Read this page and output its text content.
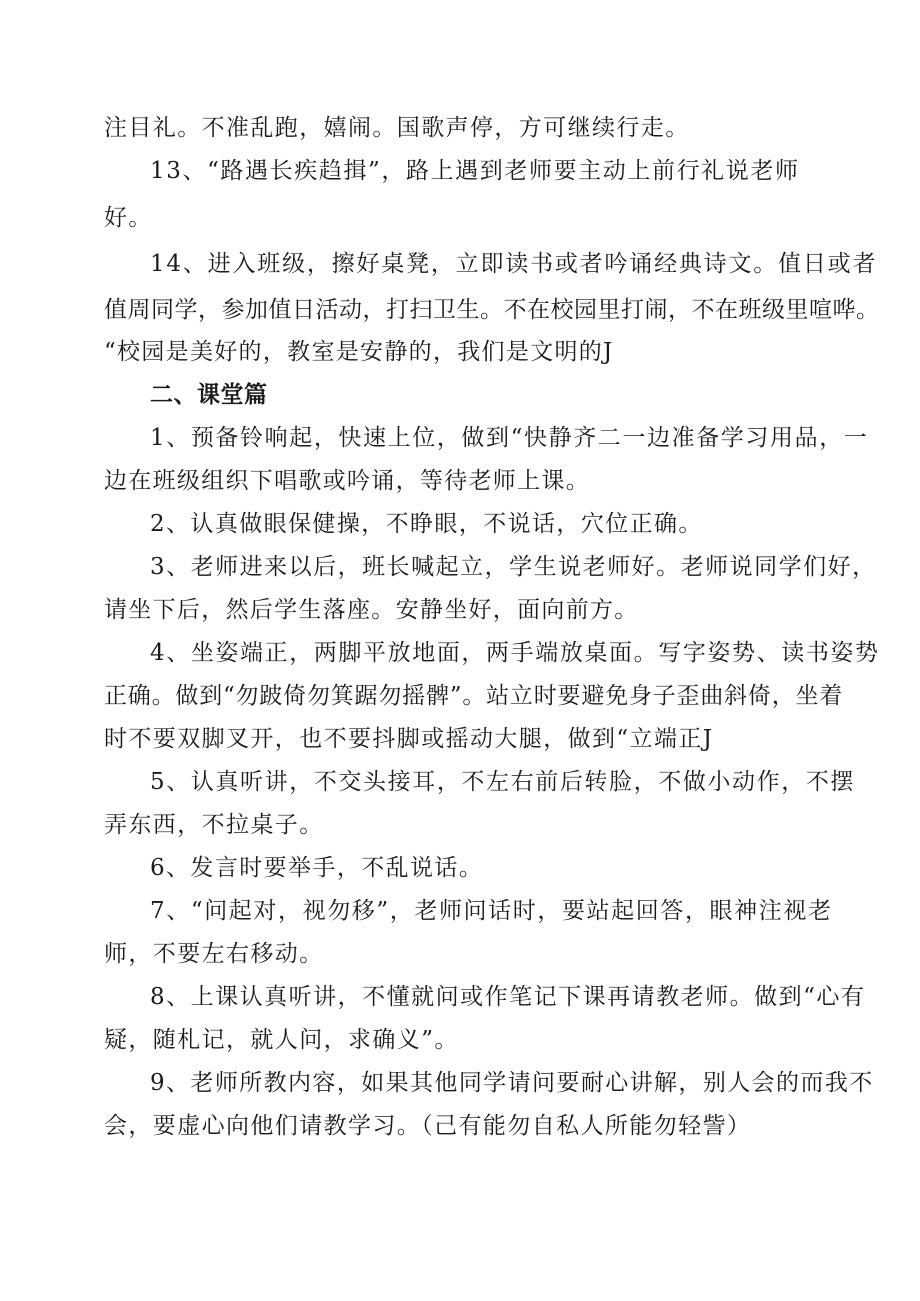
注目礼。不准乱跑，嬉闹。国歌声停，方可继续行走。
13、“路遇长疾趋揖”，路上遇到老师要主动上前行礼说老师
好。
14、进入班级，擦好桌凳，立即读书或者吟诵经典诗文。值日或者
值周同学，参加值日活动，打扫卫生。不在校园里打闹，不在班级里喧哗。
“校园是美好的，教室是安静的，我们是文明的J
二、课堂篇
1、预备铃响起，快速上位，做到“快静齐二一边准备学习用品，一
边在班级组织下唱歌或吟诵，等待老师上课。
2、认真做眼保健操，不睁眼，不说话，穴位正确。
3、老师进来以后，班长喊起立，学生说老师好。老师说同学们好，
请坐下后，然后学生落座。安静坐好，面向前方。
4、坐姿端正，两脚平放地面，两手端放桌面。写字姿势、读书姿势
正确。做到“勿跛倚勿箕踞勿摇髀”。站立时要避免身子歪曲斜倚，坐着
时不要双脚叉开，也不要抖脚或摇动大腿，做到“立端正J
5、认真听讲，不交头接耳，不左右前后转脸，不做小动作，不摆
弄东西，不拉桌子。
6、发言时要举手，不乱说话。
7、“问起对，视勿移”，老师问话时，要站起回答，眼神注视老
师，不要左右移动。
8、上课认真听讲，不懂就问或作笔记下课再请教老师。做到“心有
疑，随札记，就人问，求确义”。
9、老师所教内容，如果其他同学请问要耐心讲解，别人会的而我不
会，要虚心向他们请教学习。（己有能勿自私人所能勿轻訾）
